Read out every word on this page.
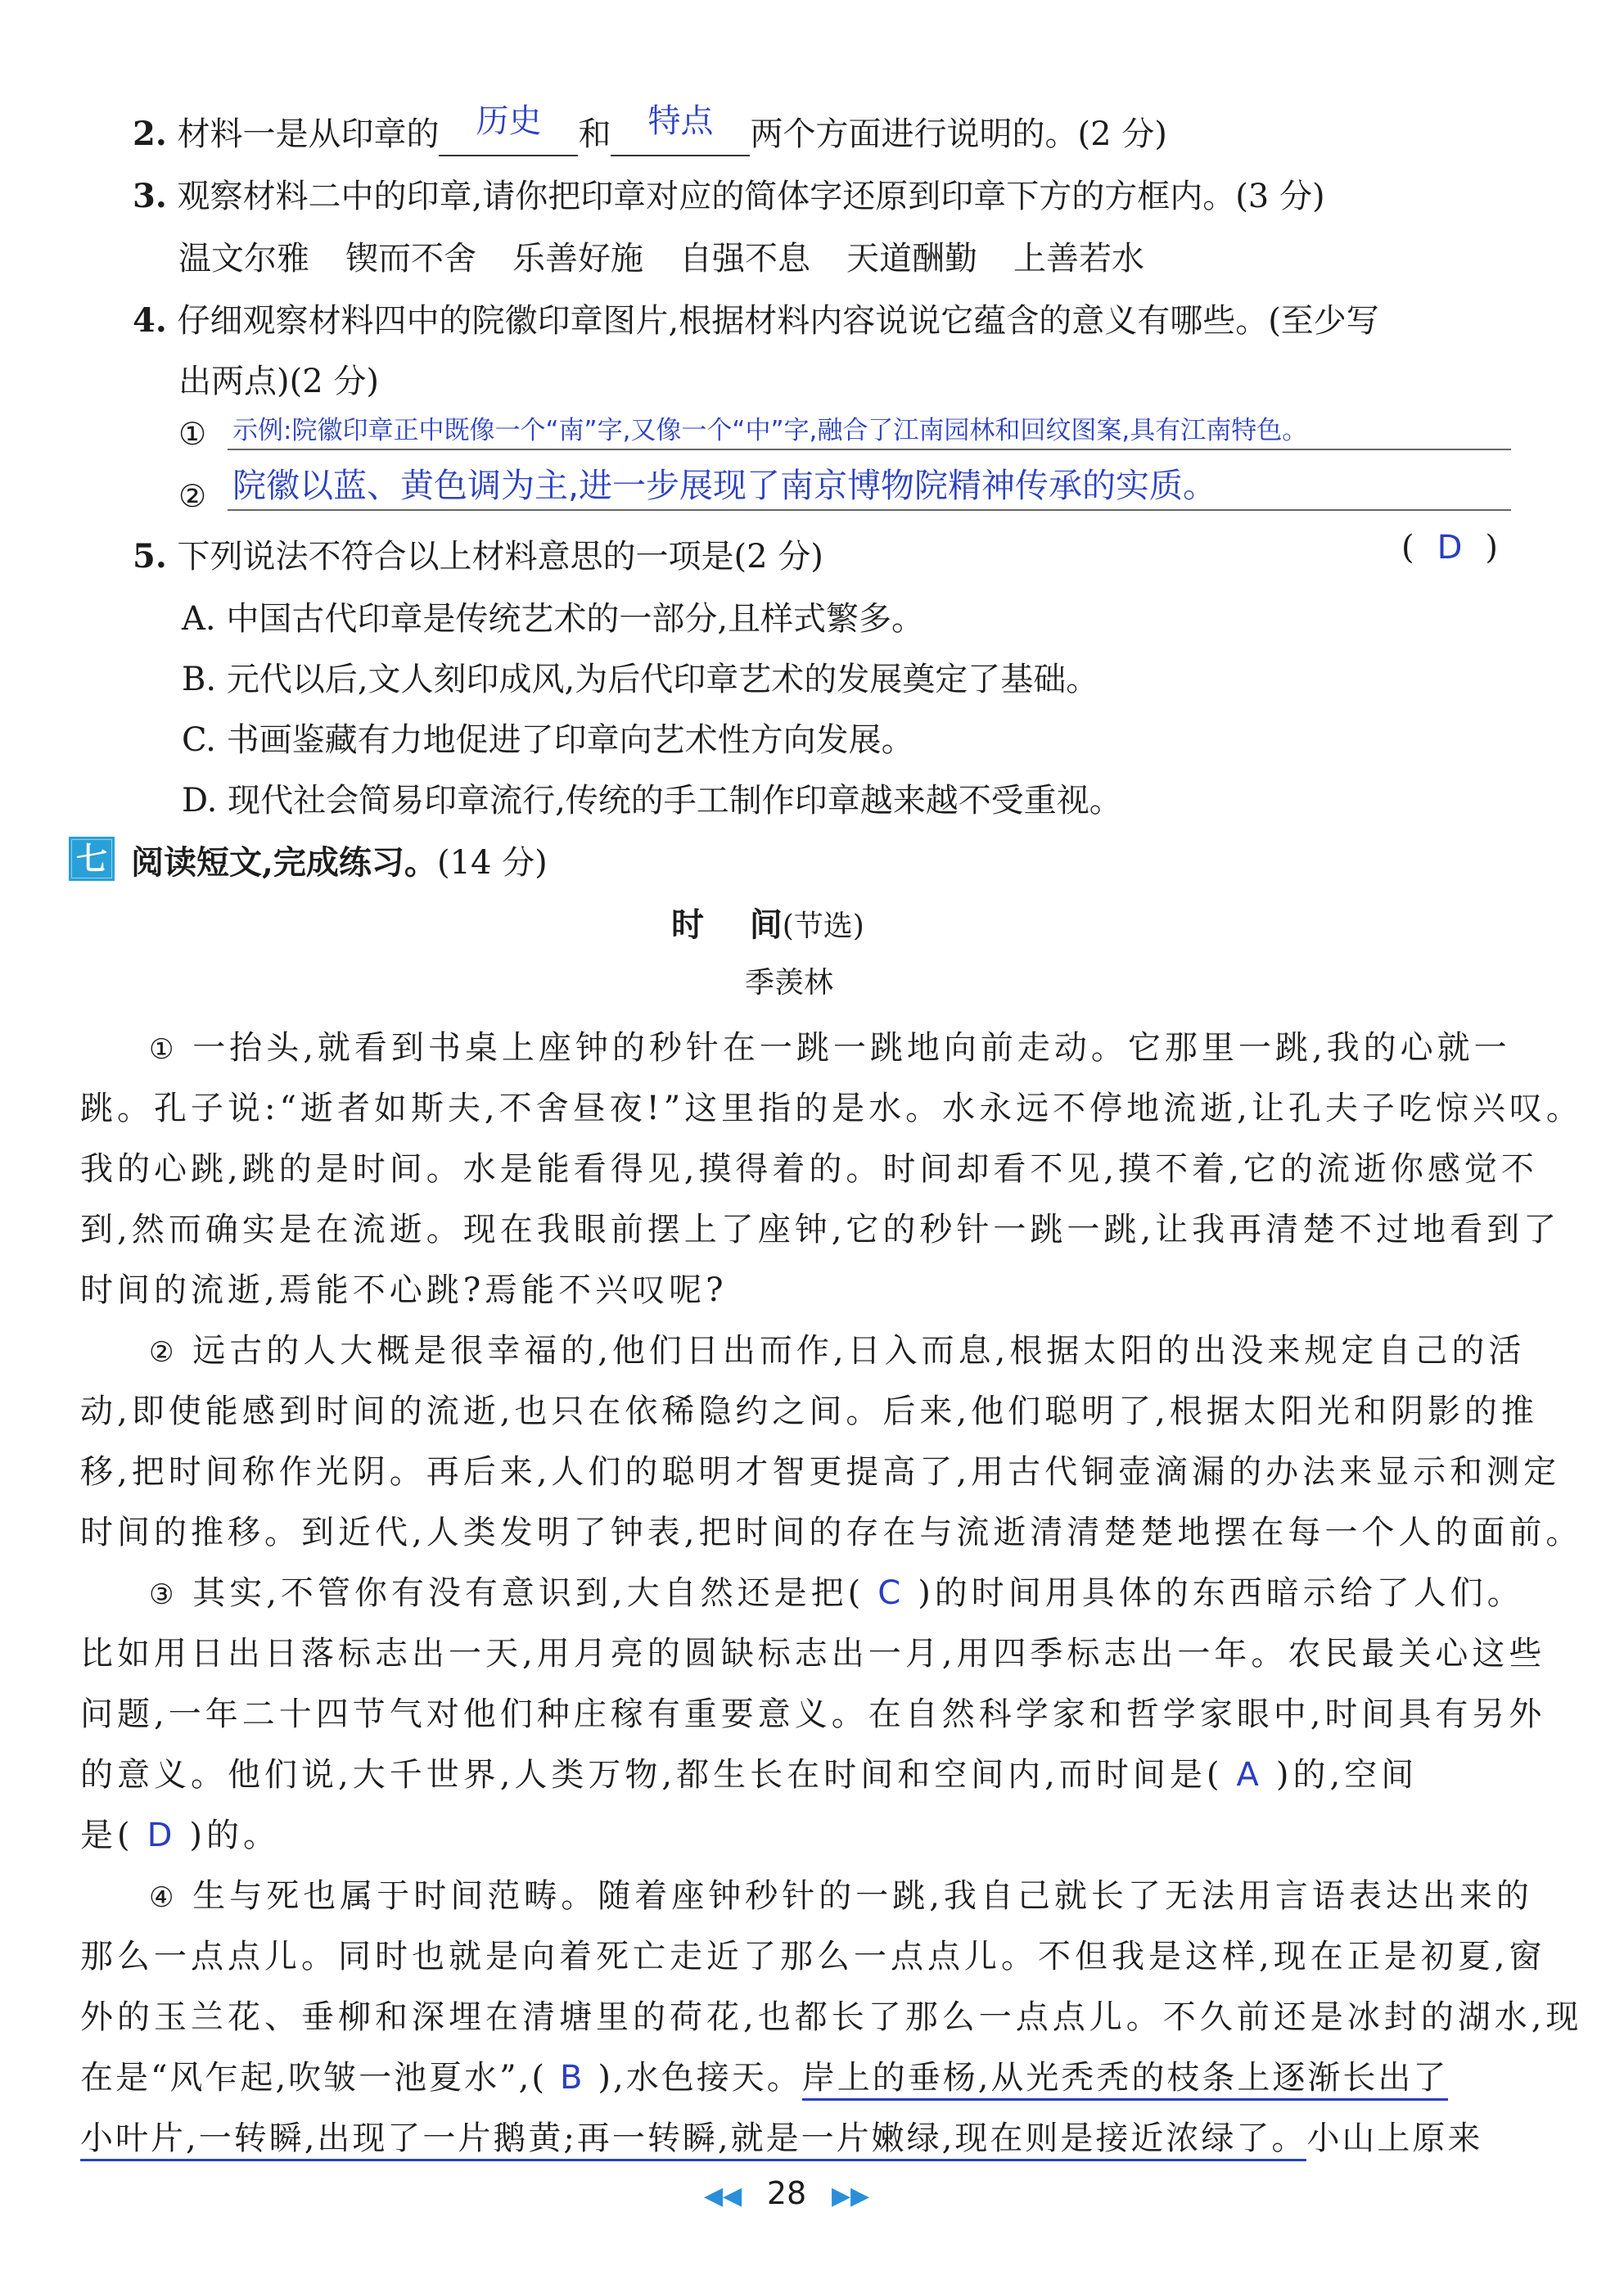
2. 材料一是从印章的 历史 和 特点 两个方面进行说明的。(2 分)
3. 观察材料二中的印章,请你把印章对应的简体字还原到印章下方的方框内。(3 分)
温文尔雅 锲而不舍 乐善好施 自强不息 天道酬勤 上善若水
4. 仔细观察材料四中的院徽印章图片,根据材料内容说说它蕴含的意义有哪些。(至少写
出两点)(2 分)
① 示例:院徽印章正中既像一个“南”字,又像一个“中”字,融合了江南园林和回纹图案,具有江南特色。
② 院徽以蓝、黄色调为主,进一步展现了南京博物院精神传承的实质。
5. 下列说法不符合以上材料意思的一项是(2 分)	( D )
A. 中国古代印章是传统艺术的一部分,且样式繁多。
B. 元代以后,文人刻印成风,为后代印章艺术的发展奠定了基础。
C. 书画鉴藏有力地促进了印章向艺术性方向发展。
D. 现代社会简易印章流行,传统的手工制作印章越来越不受重视。
七 阅读短文,完成练习。(14 分)
时    间(节选)
季羡林
① 一抬头,就看到书桌上座钟的秒针在一跳一跳地向前走动。它那里一跳,我的心就一
跳。孔子说:“逝者如斯夫,不舍昼夜!”这里指的是水。水永远不停地流逝,让孔夫子吃惊兴叹。
我的心跳,跳的是时间。水是能看得见,摸得着的。时间却看不见,摸不着,它的流逝你感觉不
到,然而确实是在流逝。现在我眼前摆上了座钟,它的秒针一跳一跳,让我再清楚不过地看到了
时间的流逝,焉能不心跳?焉能不兴叹呢?
② 远古的人大概是很幸福的,他们日出而作,日入而息,根据太阳的出没来规定自己的活
动,即使能感到时间的流逝,也只在依稀隐约之间。后来,他们聪明了,根据太阳光和阴影的推
移,把时间称作光阴。再后来,人们的聪明才智更提高了,用古代铜壶滴漏的办法来显示和测定
时间的推移。到近代,人类发明了钟表,把时间的存在与流逝清清楚楚地摆在每一个人的面前。
③ 其实,不管你有没有意识到,大自然还是把( C )的时间用具体的东西暗示给了人们。
比如用日出日落标志出一天,用月亮的圆缺标志出一月,用四季标志出一年。农民最关心这些
问题,一年二十四节气对他们种庄稼有重要意义。在自然科学家和哲学家眼中,时间具有另外
的意义。他们说,大千世界,人类万物,都生长在时间和空间内,而时间是( A )的,空间
是( D )的。
④ 生与死也属于时间范畴。随着座钟秒针的一跳,我自己就长了无法用言语表达出来的
那么一点点儿。同时也就是向着死亡走近了那么一点点儿。不但我是这样,现在正是初夏,窗
外的玉兰花、垂柳和深埋在清塘里的荷花,也都长了那么一点点儿。不久前还是冰封的湖水,现
在是“风乍起,吹皱一池夏水”,( B ),水色接天。岸上的垂杨,从光秃秃的枝条上逐渐长出了
小叶片,一转瞬,出现了一片鹅黄;再一转瞬,就是一片嫩绿,现在则是接近浓绿了。小山上原来
◀◀ 28 ▶▶
